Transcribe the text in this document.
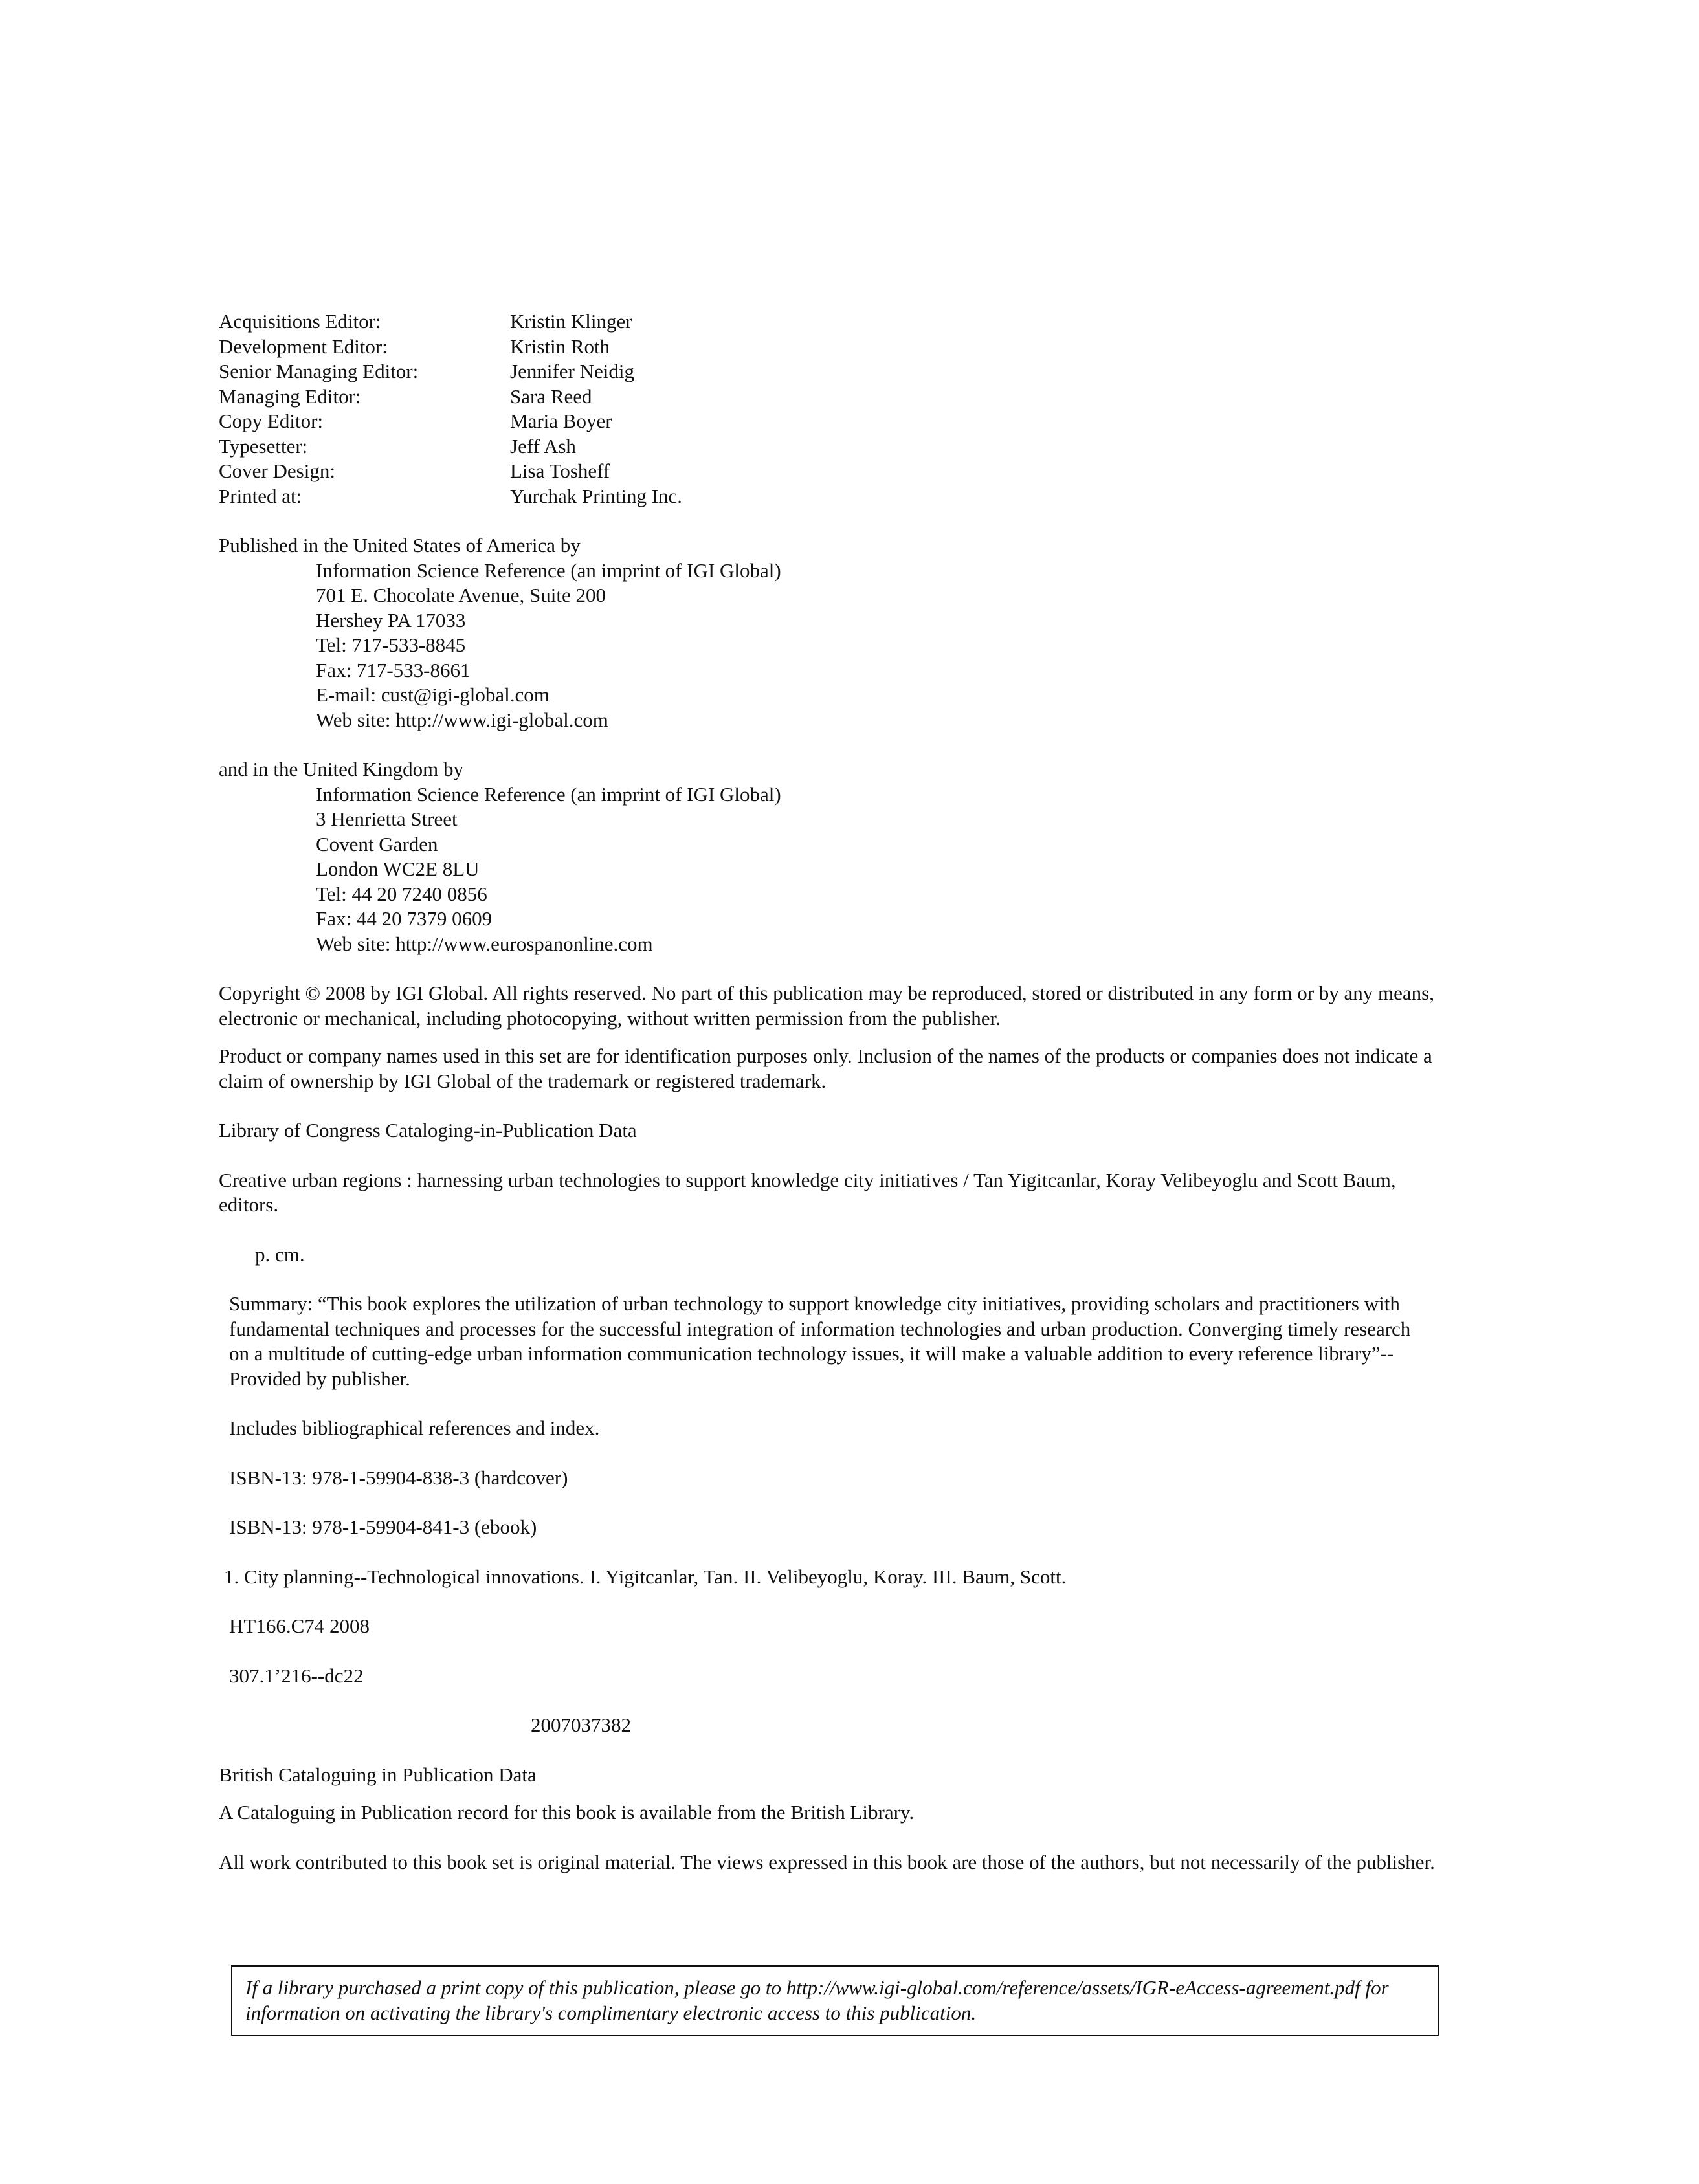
Acquisitions Editor:	Kristin Klinger
Development Editor:	Kristin Roth
Senior Managing Editor:	Jennifer Neidig
Managing Editor:	Sara Reed
Copy Editor:	Maria Boyer
Typesetter:	Jeff Ash
Cover Design:	Lisa Tosheff
Printed at:	Yurchak Printing Inc.
Published in the United States of America by
Information Science Reference (an imprint of IGI Global)
701 E. Chocolate Avenue, Suite 200
Hershey PA 17033
Tel: 717-533-8845
Fax: 717-533-8661
E-mail: cust@igi-global.com
Web site: http://www.igi-global.com
and in the United Kingdom by
Information Science Reference (an imprint of IGI Global)
3 Henrietta Street
Covent Garden
London WC2E 8LU
Tel: 44 20 7240 0856
Fax: 44 20 7379 0609
Web site: http://www.eurospanonline.com
Copyright © 2008 by IGI Global. All rights reserved. No part of this publication may be reproduced, stored or distributed in any form or by any means, electronic or mechanical, including photocopying, without written permission from the publisher.
Product or company names used in this set are for identification purposes only. Inclusion of the names of the products or companies does not indicate a claim of ownership by IGI Global of the trademark or registered trademark.
Library of Congress Cataloging-in-Publication Data
Creative urban regions : harnessing urban technologies to support knowledge city initiatives / Tan Yigitcanlar, Koray Velibeyoglu and Scott Baum, editors.
p. cm.
Summary: “This book explores the utilization of urban technology to support knowledge city initiatives, providing scholars and practitioners with fundamental techniques and processes for the successful integration of information technologies and urban production. Converging timely research on a multitude of cutting-edge urban information communication technology issues, it will make a valuable addition to every reference library”--Provided by publisher.
Includes bibliographical references and index.
ISBN-13: 978-1-59904-838-3 (hardcover)
ISBN-13: 978-1-59904-841-3 (ebook)
1. City planning--Technological innovations. I. Yigitcanlar, Tan. II. Velibeyoglu, Koray. III. Baum, Scott.
HT166.C74 2008
307.1’216--dc22
2007037382
British Cataloguing in Publication Data
A Cataloguing in Publication record for this book is available from the British Library.
All work contributed to this book set is original material. The views expressed in this book are those of the authors, but not necessarily of the publisher.
If a library purchased a print copy of this publication, please go to http://www.igi-global.com/reference/assets/IGR-eAccess-agreement.pdf for information on activating the library's complimentary electronic access to this publication.
